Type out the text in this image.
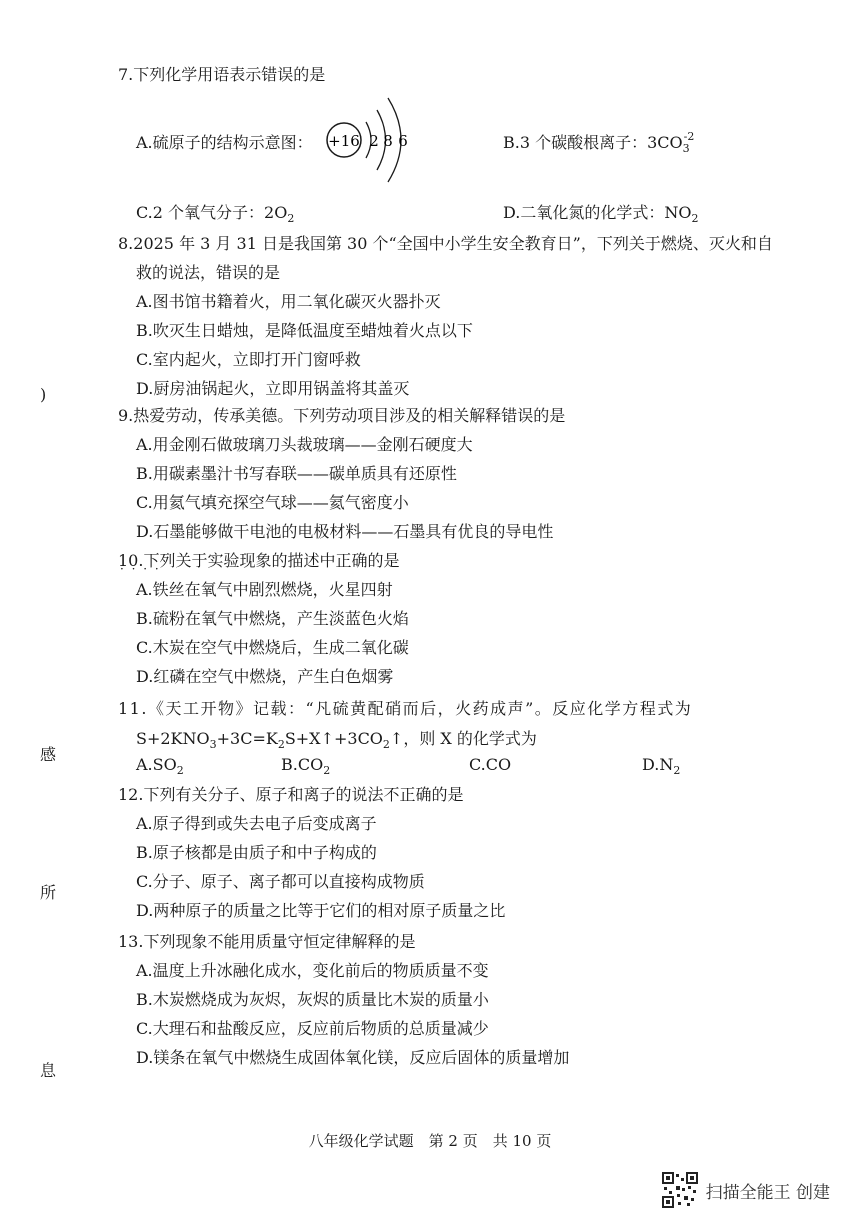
)
感
所
息
7.下列化学用语表示错误的是
A.硫原子的结构示意图： +16 2 8 6	B.3 个碳酸根离子：$3CO_3^{-2}$
C.2 个氧气分子：$2O_2$	D.二氧化氮的化学式：$NO_2$
8.2025 年 3 月 31 日是我国第 30 个“全国中小学生安全教育日”，下列关于燃烧、灭火和自
救的说法，错误的是
A.图书馆书籍着火，用二氧化碳灭火器扑灭
B.吹灭生日蜡烛，是降低温度至蜡烛着火点以下
C.室内起火，立即打开门窗呼救
D.厨房油锅起火，立即用锅盖将其盖灭
9.热爱劳动，传承美德。下列劳动项目涉及的相关解释错误的是
A.用金刚石做玻璃刀头裁玻璃——金刚石硬度大
B.用碳素墨汁书写春联——碳单质具有还原性
C.用氦气填充探空气球——氦气密度小
D.石墨能够做干电池的电极材料——石墨具有优良的导电性
10.下列关于实验现象 · · · ·的描述中正确的是
A.铁丝在氧气中剧烈燃烧，火星四射
B.硫粉在氧气中燃烧，产生淡蓝色火焰
C.木炭在空气中燃烧后，生成二氧化碳
D.红磷在空气中燃烧，产生白色烟雾
11.《天工开物》记载：“凡硫黄配硝而后，火药成声”。反应化学方程式为
$S+2KNO_3+3C=K_2S+X↑+3CO_2↑$，则 X 的化学式为
$A.SO_2$	$B.CO_2$	C.CO	$D.N_2$
12.下列有关分子、原子和离子的说法不正确的是
A.原子得到或失去电子后变成离子
B.原子核都是由质子和中子构成的
C.分子、原子、离子都可以直接构成物质
D.两种原子的质量之比等于它们的相对原子质量之比
13.下列现象不能用质量守恒定律解释的是
A.温度上升冰融化成水，变化前后的物质质量不变
B.木炭燃烧成为灰烬，灰烬的质量比木炭的质量小
C.大理石和盐酸反应，反应前后物质的总质量减少
D.镁条在氧气中燃烧生成固体氧化镁，反应后固体的质量增加
八年级化学试题　第 2 页　共 10 页
扫描全能王 创建
